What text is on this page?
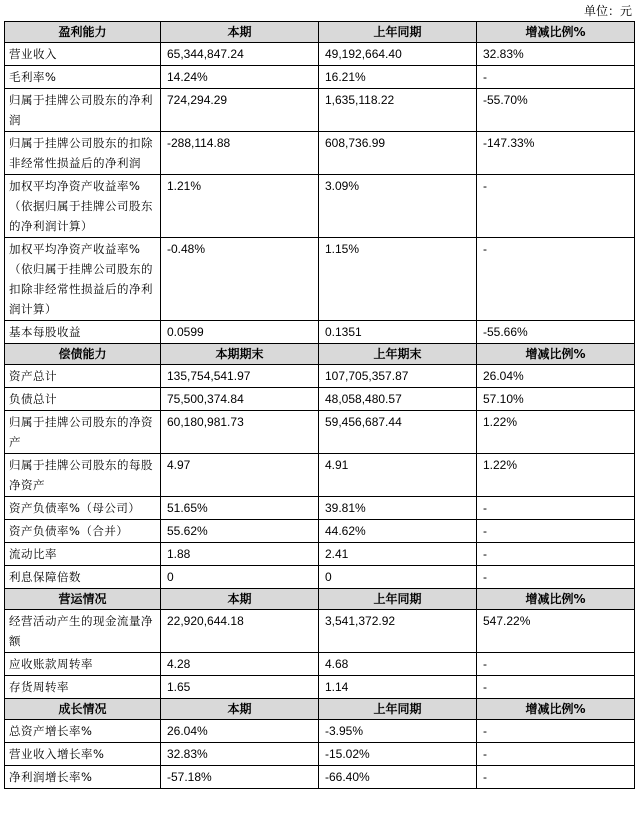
单位：元
盈利能力	本期	上年同期	增减比例%
营业收入	65,344,847.24	49,192,664.40	32.83%
毛利率%	14.24%	16.21%	-
归属于挂牌公司股东的净利润	724,294.29	1,635,118.22	-55.70%
归属于挂牌公司股东的扣除非经常性损益后的净利润	-288,114.88	608,736.99	-147.33%
加权平均净资产收益率%（依据归属于挂牌公司股东的净利润计算）	1.21%	3.09%	-
加权平均净资产收益率%（依归属于挂牌公司股东的扣除非经常性损益后的净利润计算）	-0.48%	1.15%	-
基本每股收益	0.0599	0.1351	-55.66%
偿债能力	本期期末	上年期末	增减比例%
资产总计	135,754,541.97	107,705,357.87	26.04%
负债总计	75,500,374.84	48,058,480.57	57.10%
归属于挂牌公司股东的净资产	60,180,981.73	59,456,687.44	1.22%
归属于挂牌公司股东的每股净资产	4.97	4.91	1.22%
资产负债率%（母公司）	51.65%	39.81%	-
资产负债率%（合并）	55.62%	44.62%	-
流动比率	1.88	2.41	-
利息保障倍数	0	0	-
营运情况	本期	上年同期	增减比例%
经营活动产生的现金流量净额	22,920,644.18	3,541,372.92	547.22%
应收账款周转率	4.28	4.68	-
存货周转率	1.65	1.14	-
成长情况	本期	上年同期	增减比例%
总资产增长率%	26.04%	-3.95%	-
营业收入增长率%	32.83%	-15.02%	-
净利润增长率%	-57.18%	-66.40%	-
